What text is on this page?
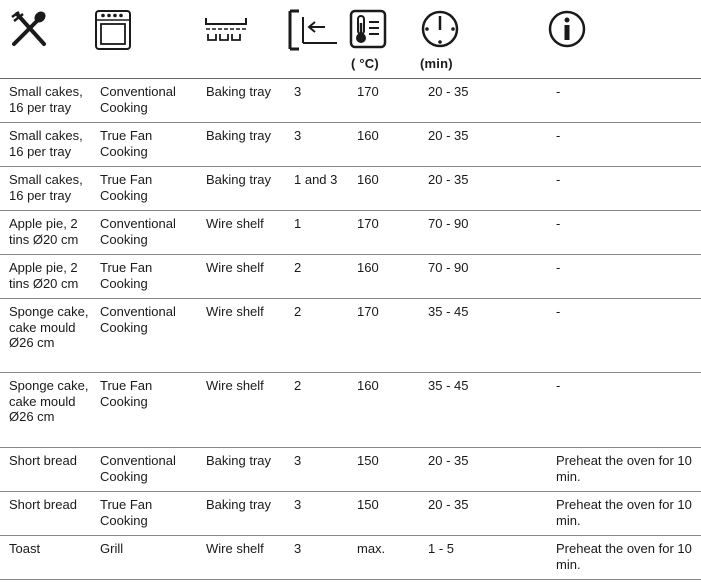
( °C)	(min)

Small cakes, 16 per tray	Conventional Cooking	Baking tray	3	170	20 - 35	-

Small cakes, 16 per tray	True Fan Cooking	Baking tray	3	160	20 - 35	-

Small cakes, 16 per tray	True Fan Cooking	Baking tray	1 and 3	160	20 - 35	-

Apple pie, 2 tins Ø20 cm	Conventional Cooking	Wire shelf	1	170	70 - 90	-

Apple pie, 2 tins Ø20 cm	True Fan Cooking	Wire shelf	2	160	70 - 90	-

Sponge cake, cake mould Ø26 cm	Conventional Cooking	Wire shelf	2	170	35 - 45	-

Sponge cake, cake mould Ø26 cm	True Fan Cooking	Wire shelf	2	160	35 - 45	-

Short bread	Conventional Cooking	Baking tray	3	150	20 - 35	Preheat the oven for 10 min.

Short bread	True Fan Cooking	Baking tray	3	150	20 - 35	Preheat the oven for 10 min.

Toast	Grill	Wire shelf	3	max.	1 - 5	Preheat the oven for 10 min.
